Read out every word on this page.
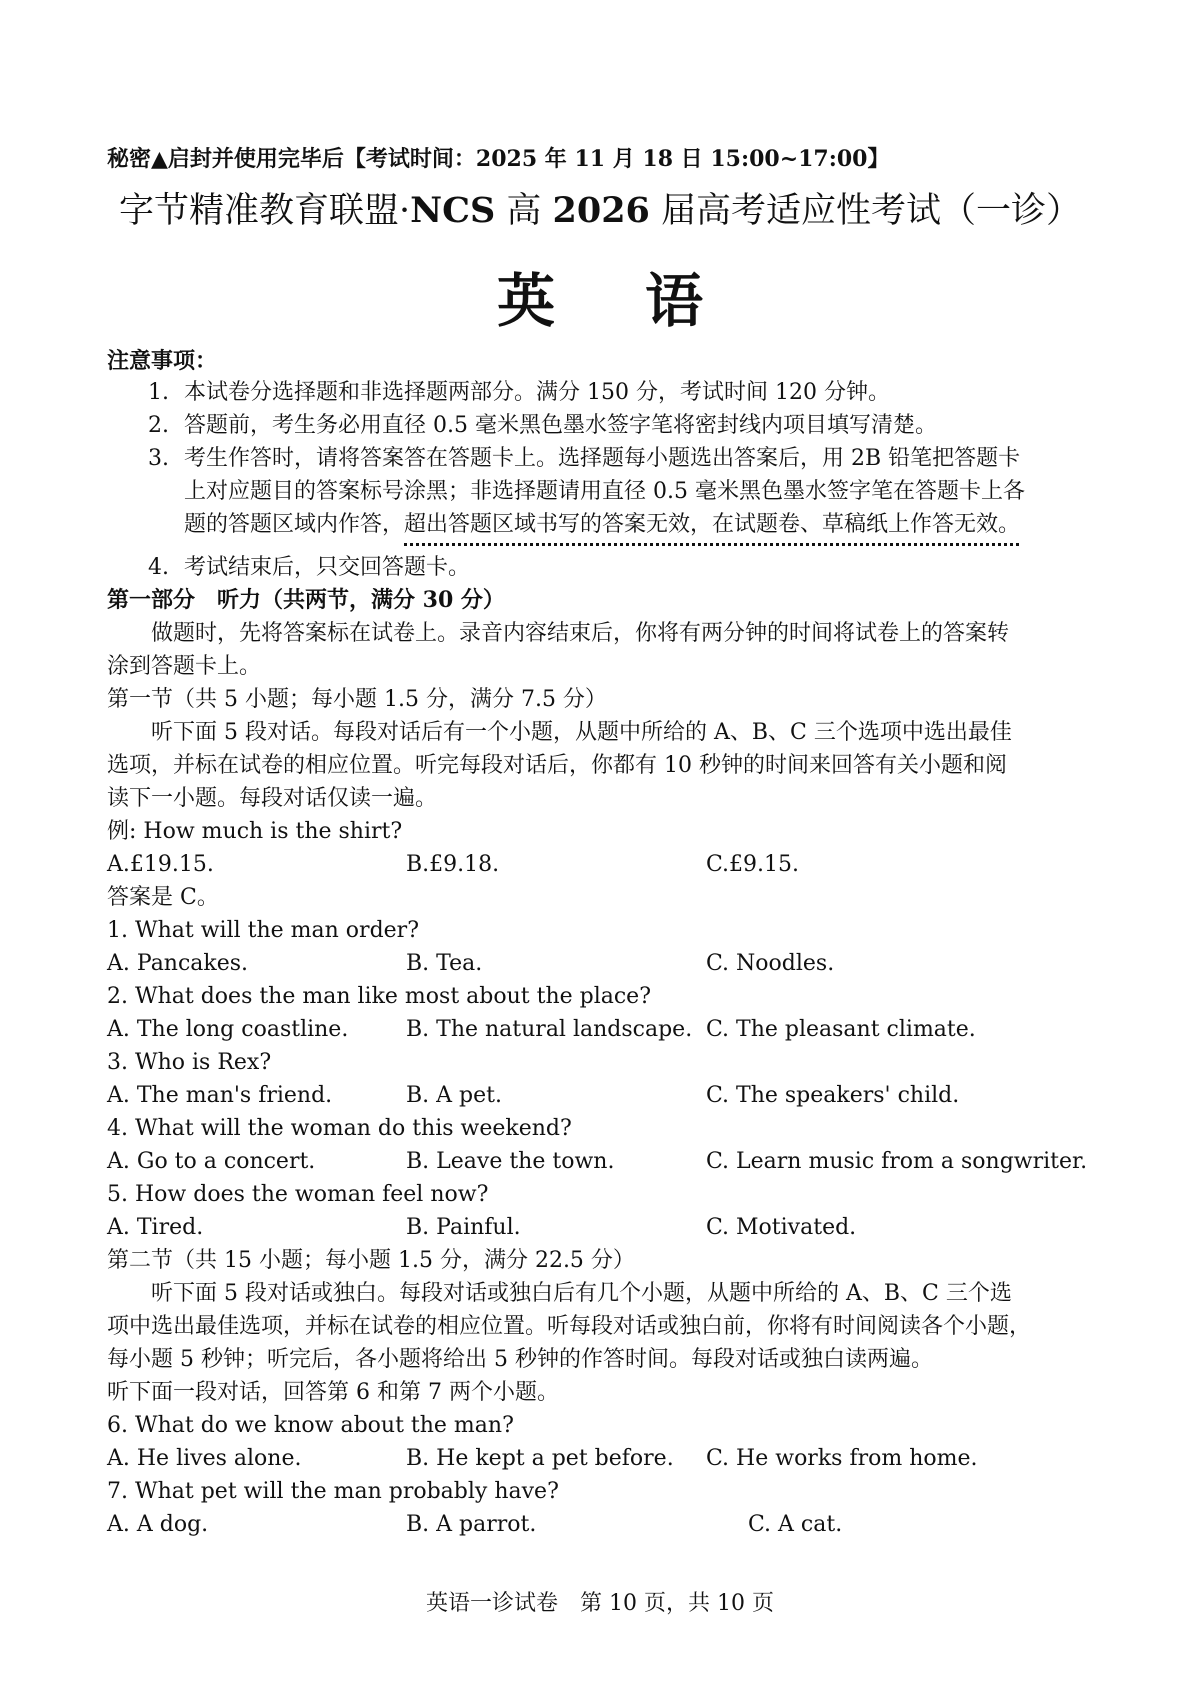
秘密▲启封并使用完毕后【考试时间：2025 年 11 月 18 日 15:00~17:00】
字节精准教育联盟·NCS 高 2026 届高考适应性考试（一诊）
英语
注意事项：
1. 本试卷分选择题和非选择题两部分。满分 150 分，考试时间 120 分钟。
2. 答题前，考生务必用直径 0.5 毫米黑色墨水签字笔将密封线内项目填写清楚。
3. 考生作答时，请将答案答在答题卡上。选择题每小题选出答案后，用 2B 铅笔把答题卡
上对应题目的答案标号涂黑；非选择题请用直径 0.5 毫米黑色墨水签字笔在答题卡上各
题的答题区域内作答，超出答题区域书写的答案无效，在试题卷、草稿纸上作答无效。
4. 考试结束后，只交回答题卡。
第一部分　听力（共两节，满分 30 分）
做题时，先将答案标在试卷上。录音内容结束后，你将有两分钟的时间将试卷上的答案转
涂到答题卡上。
第一节（共 5 小题；每小题 1.5 分，满分 7.5 分）
听下面 5 段对话。每段对话后有一个小题，从题中所给的 A、B、C 三个选项中选出最佳
选项，并标在试卷的相应位置。听完每段对话后，你都有 10 秒钟的时间来回答有关小题和阅
读下一小题。每段对话仅读一遍。
例: How much is the shirt?
A.£19.15.	B.£9.18.	C.£9.15.
答案是 C。
1. What will the man order?
A. Pancakes.	B. Tea.	C. Noodles.
2. What does the man like most about the place?
A. The long coastline.	B. The natural landscape. C. The pleasant climate.
3. Who is Rex?
A. The man's friend.	B. A pet.	C. The speakers' child.
4. What will the woman do this weekend?
A. Go to a concert.	B. Leave the town.	C. Learn music from a songwriter.
5. How does the woman feel now?
A. Tired.	B. Painful.	C. Motivated.
第二节（共 15 小题；每小题 1.5 分，满分 22.5 分）
听下面 5 段对话或独白。每段对话或独白后有几个小题，从题中所给的 A、B、C 三个选
项中选出最佳选项，并标在试卷的相应位置。听每段对话或独白前，你将有时间阅读各个小题，
每小题 5 秒钟；听完后，各小题将给出 5 秒钟的作答时间。每段对话或独白读两遍。
听下面一段对话，回答第 6 和第 7 两个小题。
6. What do we know about the man?
A. He lives alone.	B. He kept a pet before. C. He works from home.
7. What pet will the man probably have?
A. A dog.	B. A parrot.	C. A cat.
英语一诊试卷　第 10 页，共 10 页
